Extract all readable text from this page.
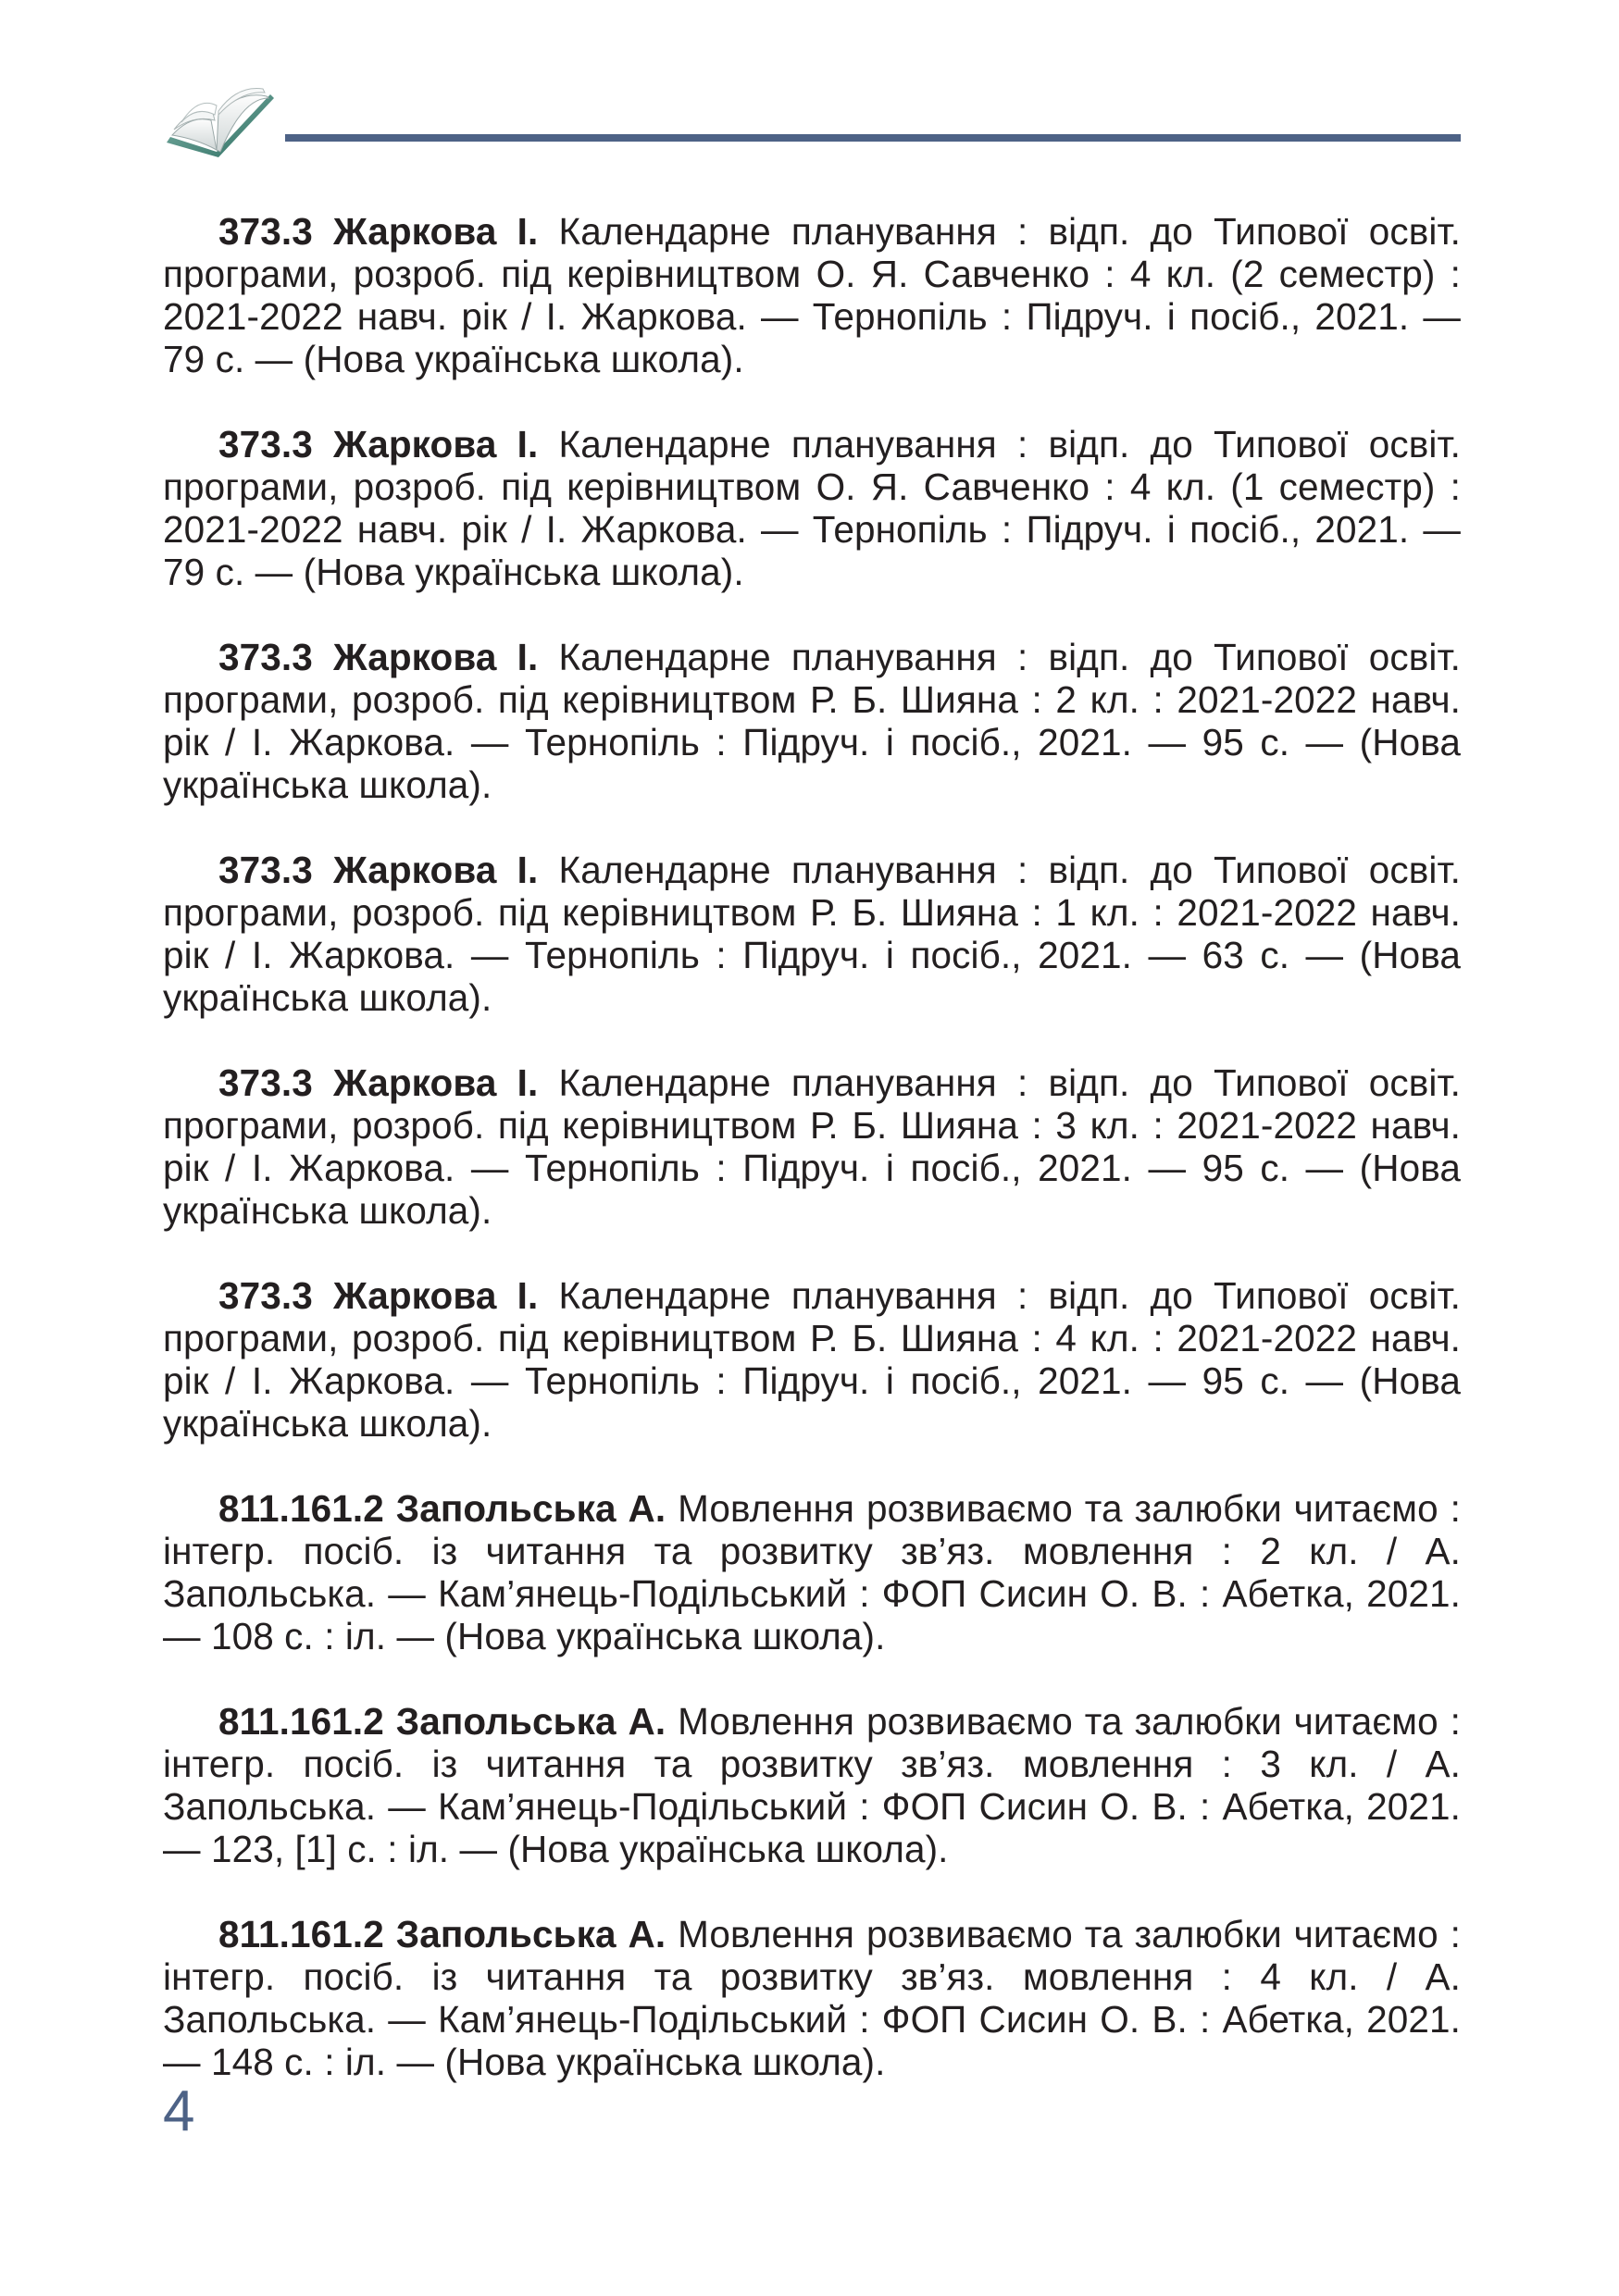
373.3 Жаркова І. Календарне планування : відп. до Типової освіт. програми, розроб. під керівництвом О. Я. Савченко : 4 кл. (2 семестр) : 2021-2022 навч. рік / І. Жаркова. — Тернопіль : Підруч. і посіб., 2021. — 79 с. — (Нова українська школа).

373.3 Жаркова І. Календарне планування : відп. до Типової освіт. програми, розроб. під керівництвом О. Я. Савченко : 4 кл. (1 семестр) : 2021-2022 навч. рік / І. Жаркова. — Тернопіль : Підруч. і посіб., 2021. — 79 с. — (Нова українська школа).

373.3 Жаркова І. Календарне планування : відп. до Типової освіт. програми, розроб. під керівництвом Р. Б. Шияна : 2 кл. : 2021-2022 навч. рік / І. Жаркова. — Тернопіль : Підруч. і посіб., 2021. — 95 с. — (Нова українська школа).

373.3 Жаркова І. Календарне планування : відп. до Типової освіт. програми, розроб. під керівництвом Р. Б. Шияна : 1 кл. : 2021-2022 навч. рік / І. Жаркова. — Тернопіль : Підруч. і посіб., 2021. — 63 с. — (Нова українська школа).

373.3 Жаркова І. Календарне планування : відп. до Типової освіт. програми, розроб. під керівництвом Р. Б. Шияна : 3 кл. : 2021-2022 навч. рік / І. Жаркова. — Тернопіль : Підруч. і посіб., 2021. — 95 с. — (Нова українська школа).

373.3 Жаркова І. Календарне планування : відп. до Типової освіт. програми, розроб. під керівництвом Р. Б. Шияна : 4 кл. : 2021-2022 навч. рік / І. Жаркова. — Тернопіль : Підруч. і посіб., 2021. — 95 с. — (Нова українська школа).

811.161.2 Запольська А. Мовлення розвиваємо та залюбки читаємо : інтегр. посіб. із читання та розвитку зв’яз. мовлення : 2 кл. / А. Запольська. — Кам’янець-Подільський : ФОП Сисин О. В. : Абетка, 2021. — 108 с. : іл. — (Нова українська школа).

811.161.2 Запольська А. Мовлення розвиваємо та залюбки читаємо : інтегр. посіб. із читання та розвитку зв’яз. мовлення : 3 кл. / А. Запольська. — Кам’янець-Подільський : ФОП Сисин О. В. : Абетка, 2021. — 123, [1] с. : іл. — (Нова українська школа).

811.161.2 Запольська А. Мовлення розвиваємо та залюбки читаємо : інтегр. посіб. із читання та розвитку зв’яз. мовлення : 4 кл. / А. Запольська. — Кам’янець-Подільський : ФОП Сисин О. В. : Абетка, 2021. — 148 с. : іл. — (Нова українська школа).

4
